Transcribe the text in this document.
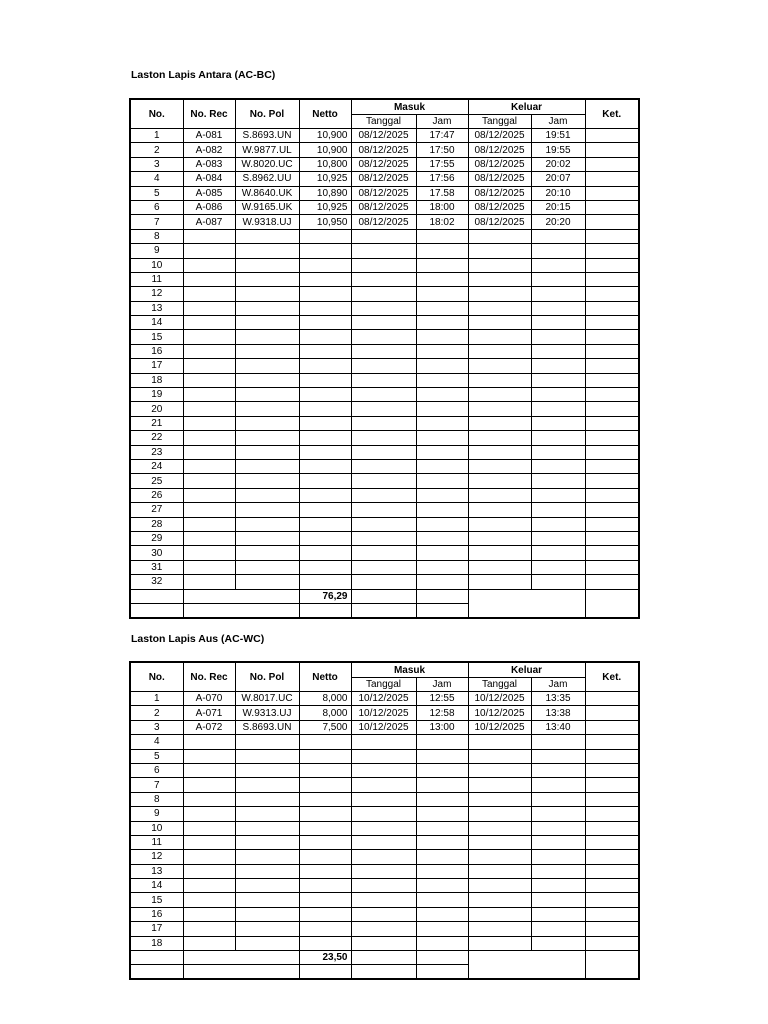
Laston Lapis Antara (AC-BC)
No.	No. Rec	No. Pol	Netto	Masuk		Keluar		Ket.
				Tanggal	Jam	Tanggal	Jam	
1	A-081	S.8693.UN	10,900	08/12/2025	17:47	08/12/2025	19:51	
2	A-082	W.9877.UL	10,900	08/12/2025	17:50	08/12/2025	19:55	
3	A-083	W.8020.UC	10,800	08/12/2025	17:55	08/12/2025	20:02	
4	A-084	S.8962.UU	10,925	08/12/2025	17:56	08/12/2025	20:07	
5	A-085	W.8640.UK	10,890	08/12/2025	17.58	08/12/2025	20:10	
6	A-086	W.9165.UK	10,925	08/12/2025	18:00	08/12/2025	20:15	
7	A-087	W.9318.UJ	10,950	08/12/2025	18:02	08/12/2025	20:20	
8								
9								
10								
11								
12								
13								
14								
15								
16								
17								
18								
19								
20								
21								
22								
23								
24								
25								
26								
27								
28								
29								
30								
31								
32								
			76,29					

Laston Lapis Aus (AC-WC)
No.	No. Rec	No. Pol	Netto	Masuk		Keluar		Ket.
				Tanggal	Jam	Tanggal	Jam	
1	A-070	W.8017.UC	8,000	10/12/2025	12:55	10/12/2025	13:35	
2	A-071	W.9313.UJ	8,000	10/12/2025	12:58	10/12/2025	13:38	
3	A-072	S.8693.UN	7,500	10/12/2025	13:00	10/12/2025	13:40	
4								
5								
6								
7								
8								
9								
10								
11								
12								
13								
14								
15								
16								
17								
18								
			23,50					
